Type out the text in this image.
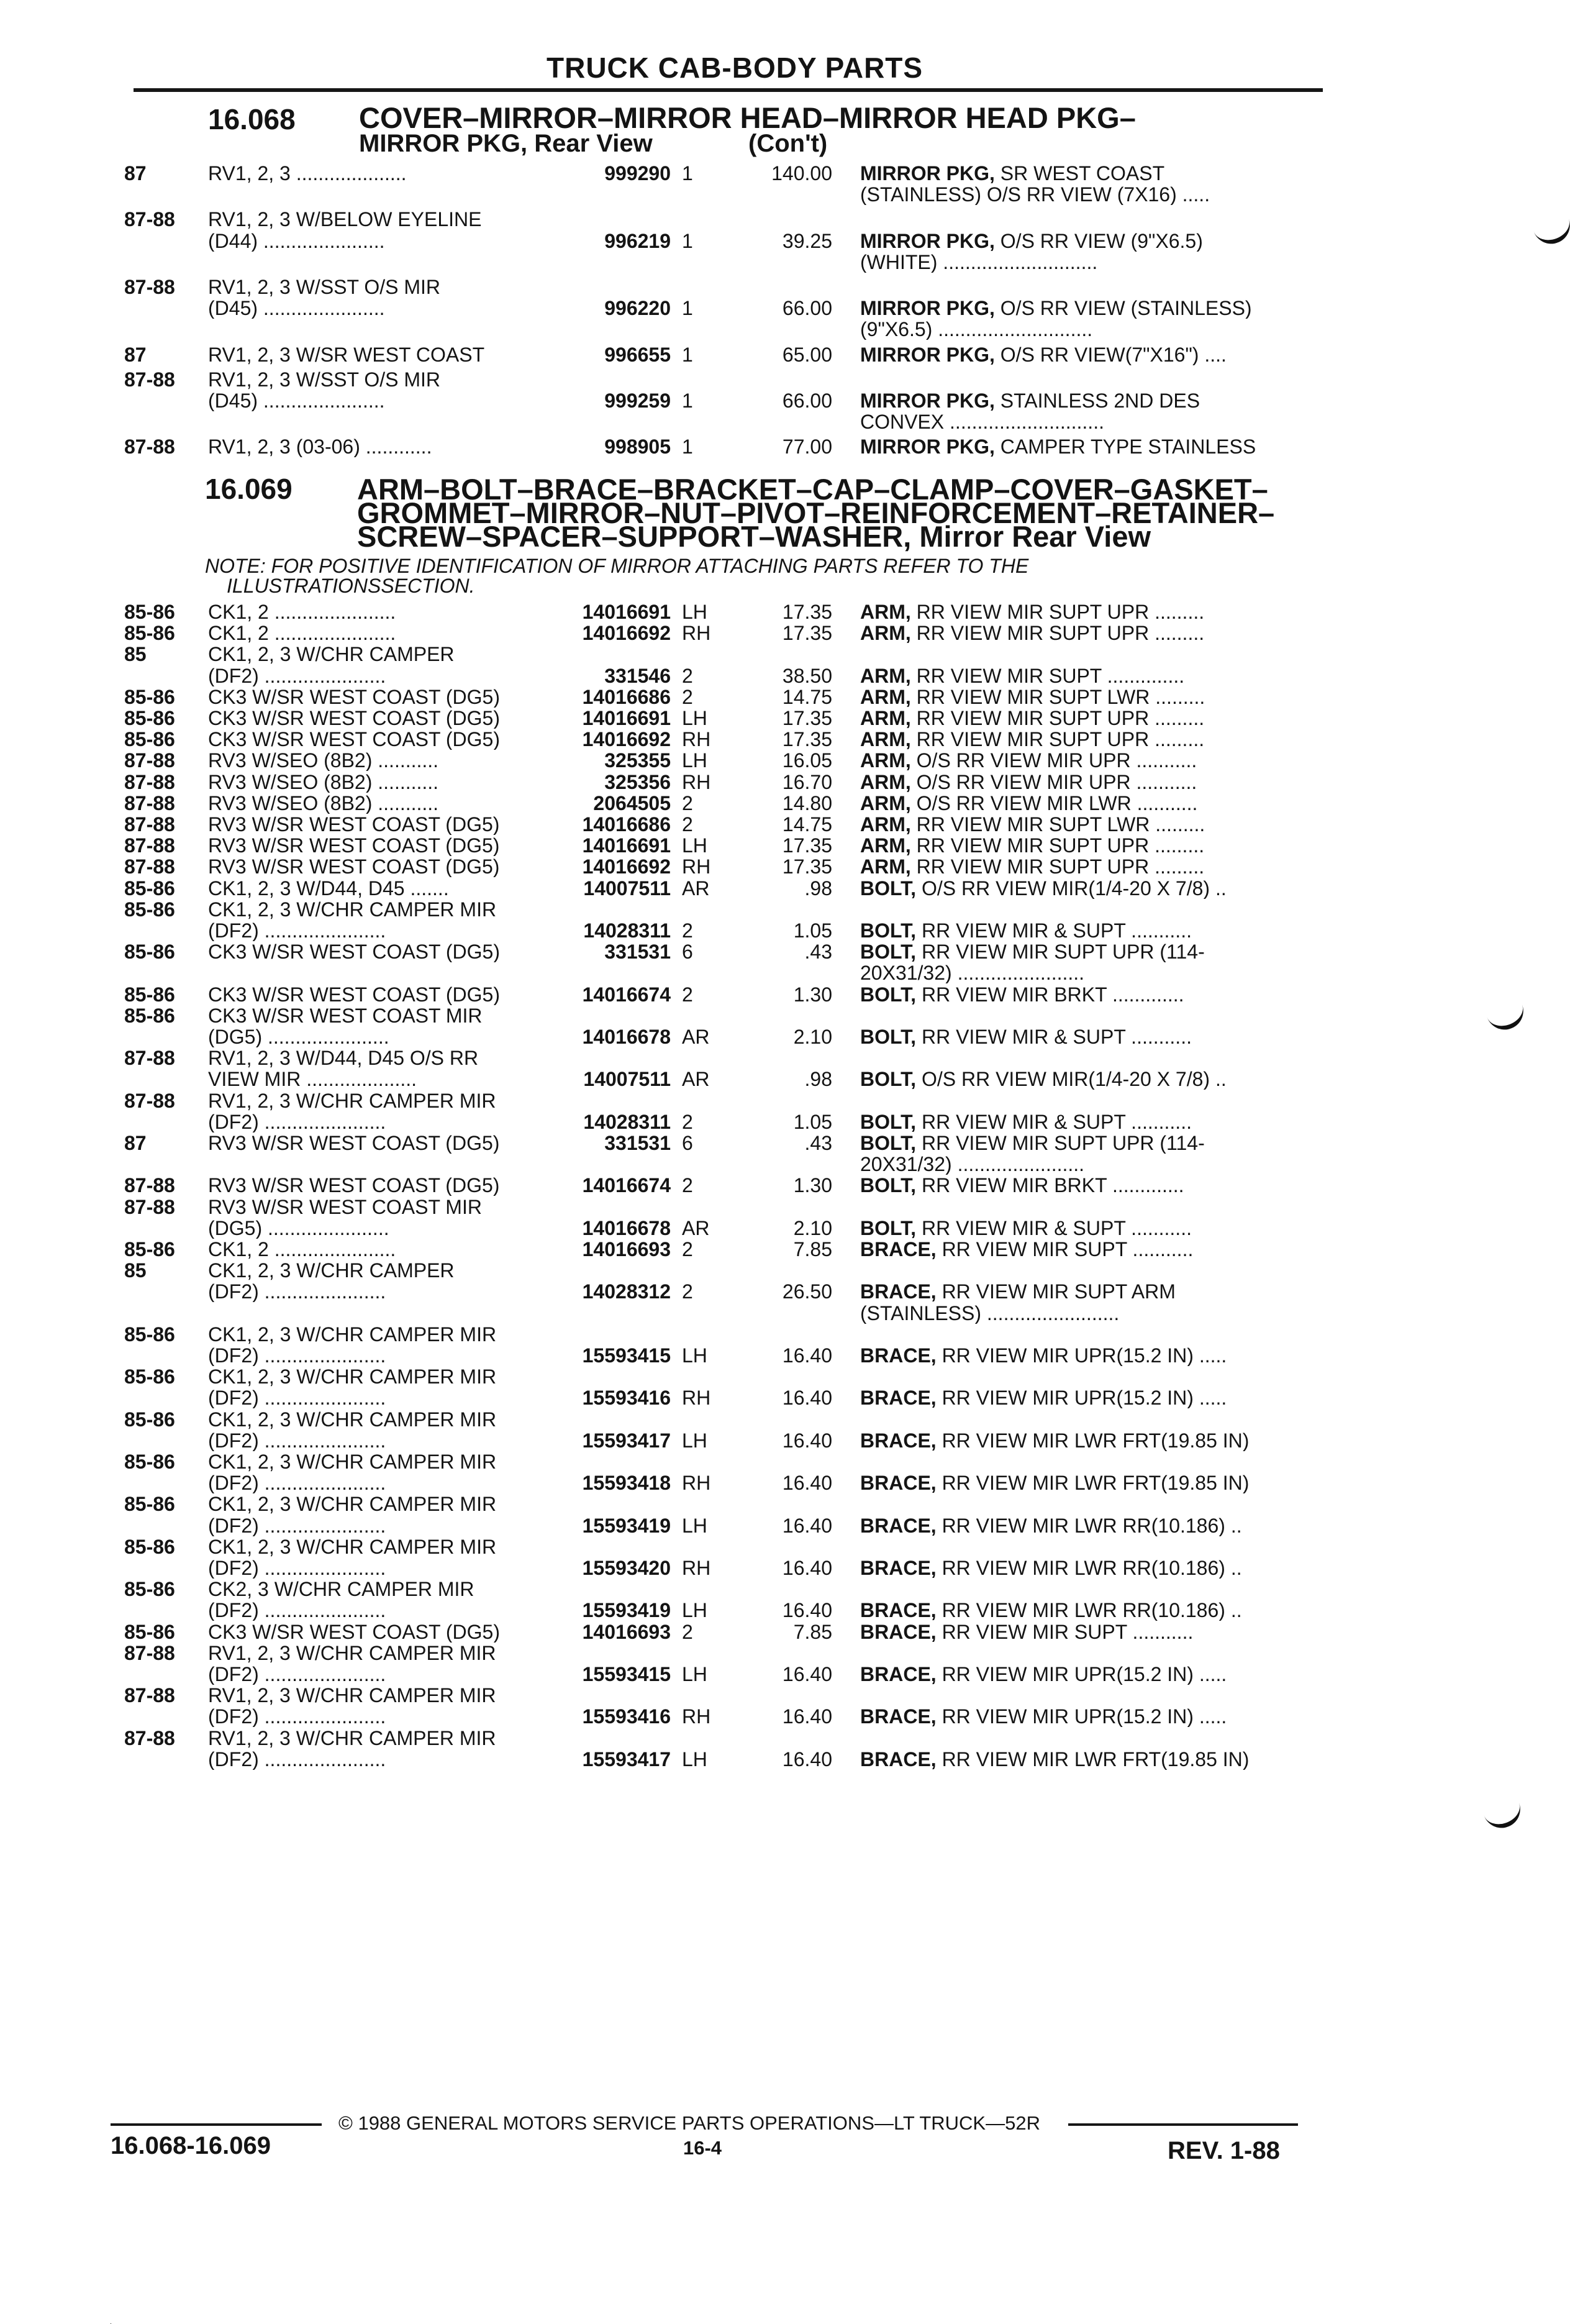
TRUCK CAB-BODY PARTS
16.068 COVER–MIRROR–MIRROR HEAD–MIRROR HEAD PKG–
MIRROR PKG, Rear View	(Con't)
16.069 ARM–BOLT–BRACE–BRACKET–CAP–CLAMP–COVER–GASKET–
GROMMET–MIRROR–NUT–PIVOT–REINFORCEMENT–RETAINER–
SCREW–SPACER–SUPPORT–WASHER, Mirror Rear View
NOTE: FOR POSITIVE IDENTIFICATION OF MIRROR ATTACHING PARTS REFER TO THE
ILLUSTRATIONSSECTION.
87	RV1, 2, 3 ....................	999290 1	140.00 MIRROR PKG, SR WEST COAST
(STAINLESS) O/S RR VIEW (7X16) .....
87-88 RV1, 2, 3 W/BELOW EYELINE
(D44) ......................	996219 1	39.25 MIRROR PKG, O/S RR VIEW (9"X6.5)
(WHITE) ............................
87-88 RV1, 2, 3 W/SST O/S MIR
(D45) ......................	996220 1	66.00 MIRROR PKG, O/S RR VIEW (STAINLESS)
(9"X6.5) ............................
87	RV1, 2, 3 W/SR WEST COAST	996655 1	65.00 MIRROR PKG, O/S RR VIEW(7"X16") ....
87-88 RV1, 2, 3 W/SST O/S MIR
(D45) ......................	999259 1	66.00 MIRROR PKG, STAINLESS 2ND DES
CONVEX ............................
87-88 RV1, 2, 3 (03-06) ............	998905 1	77.00 MIRROR PKG, CAMPER TYPE STAINLESS
85-86 CK1, 2 ......................	14016691 LH	17.35 ARM, RR VIEW MIR SUPT UPR .........
85-86 CK1, 2 ......................	14016692 RH	17.35 ARM, RR VIEW MIR SUPT UPR .........
85	CK1, 2, 3 W/CHR CAMPER
(DF2) ......................	331546 2	38.50 ARM, RR VIEW MIR SUPT ..............
85-86 CK3 W/SR WEST COAST (DG5)	14016686 2	14.75 ARM, RR VIEW MIR SUPT LWR .........
85-86 CK3 W/SR WEST COAST (DG5)	14016691 LH	17.35 ARM, RR VIEW MIR SUPT UPR .........
85-86 CK3 W/SR WEST COAST (DG5)	14016692 RH	17.35 ARM, RR VIEW MIR SUPT UPR .........
87-88 RV3 W/SEO (8B2) ...........	325355 LH	16.05 ARM, O/S RR VIEW MIR UPR ...........
87-88 RV3 W/SEO (8B2) ...........	325356 RH	16.70 ARM, O/S RR VIEW MIR UPR ...........
87-88 RV3 W/SEO (8B2) ...........	2064505 2	14.80 ARM, O/S RR VIEW MIR LWR ...........
87-88 RV3 W/SR WEST COAST (DG5)	14016686 2	14.75 ARM, RR VIEW MIR SUPT LWR .........
87-88 RV3 W/SR WEST COAST (DG5)	14016691 LH	17.35 ARM, RR VIEW MIR SUPT UPR .........
87-88 RV3 W/SR WEST COAST (DG5)	14016692 RH	17.35 ARM, RR VIEW MIR SUPT UPR .........
85-86 CK1, 2, 3 W/D44, D45 .......	14007511 AR	.98 BOLT, O/S RR VIEW MIR(1/4-20 X 7/8) ..
85-86 CK1, 2, 3 W/CHR CAMPER MIR
(DF2) ......................	14028311 2	1.05 BOLT, RR VIEW MIR & SUPT ...........
85-86 CK3 W/SR WEST COAST (DG5)	331531 6	.43 BOLT, RR VIEW MIR SUPT UPR (114-
20X31/32) .......................
85-86 CK3 W/SR WEST COAST (DG5)	14016674 2	1.30 BOLT, RR VIEW MIR BRKT .............
85-86 CK3 W/SR WEST COAST MIR
(DG5) ......................	14016678 AR	2.10 BOLT, RR VIEW MIR & SUPT ...........
87-88 RV1, 2, 3 W/D44, D45 O/S RR
VIEW MIR ....................	14007511 AR	.98 BOLT, O/S RR VIEW MIR(1/4-20 X 7/8) ..
87-88 RV1, 2, 3 W/CHR CAMPER MIR
(DF2) ......................	14028311 2	1.05 BOLT, RR VIEW MIR & SUPT ...........
87	RV3 W/SR WEST COAST (DG5)	331531 6	.43 BOLT, RR VIEW MIR SUPT UPR (114-
20X31/32) .......................
87-88 RV3 W/SR WEST COAST (DG5)	14016674 2	1.30 BOLT, RR VIEW MIR BRKT .............
87-88 RV3 W/SR WEST COAST MIR
(DG5) ......................	14016678 AR	2.10 BOLT, RR VIEW MIR & SUPT ...........
85-86 CK1, 2 ......................	14016693 2	7.85 BRACE, RR VIEW MIR SUPT ...........
85	CK1, 2, 3 W/CHR CAMPER
(DF2) ......................	14028312 2	26.50 BRACE, RR VIEW MIR SUPT ARM
(STAINLESS) ........................
85-86 CK1, 2, 3 W/CHR CAMPER MIR
(DF2) ......................	15593415 LH	16.40 BRACE, RR VIEW MIR UPR(15.2 IN) .....
85-86 CK1, 2, 3 W/CHR CAMPER MIR
(DF2) ......................	15593416 RH	16.40 BRACE, RR VIEW MIR UPR(15.2 IN) .....
85-86 CK1, 2, 3 W/CHR CAMPER MIR
(DF2) ......................	15593417 LH	16.40 BRACE, RR VIEW MIR LWR FRT(19.85 IN)
85-86 CK1, 2, 3 W/CHR CAMPER MIR
(DF2) ......................	15593418 RH	16.40 BRACE, RR VIEW MIR LWR FRT(19.85 IN)
85-86 CK1, 2, 3 W/CHR CAMPER MIR
(DF2) ......................	15593419 LH	16.40 BRACE, RR VIEW MIR LWR RR(10.186) ..
85-86 CK1, 2, 3 W/CHR CAMPER MIR
(DF2) ......................	15593420 RH	16.40 BRACE, RR VIEW MIR LWR RR(10.186) ..
85-86 CK2, 3 W/CHR CAMPER MIR
(DF2) ......................	15593419 LH	16.40 BRACE, RR VIEW MIR LWR RR(10.186) ..
85-86 CK3 W/SR WEST COAST (DG5)	14016693 2	7.85 BRACE, RR VIEW MIR SUPT ...........
87-88 RV1, 2, 3 W/CHR CAMPER MIR
(DF2) ......................	15593415 LH	16.40 BRACE, RR VIEW MIR UPR(15.2 IN) .....
87-88 RV1, 2, 3 W/CHR CAMPER MIR
(DF2) ......................	15593416 RH	16.40 BRACE, RR VIEW MIR UPR(15.2 IN) .....
87-88 RV1, 2, 3 W/CHR CAMPER MIR
(DF2) ......................	15593417 LH	16.40 BRACE, RR VIEW MIR LWR FRT(19.85 IN)
© 1988 GENERAL MOTORS SERVICE PARTS OPERATIONS—LT TRUCK—52R
16.068-16.069	16-4	REV. 1-88
